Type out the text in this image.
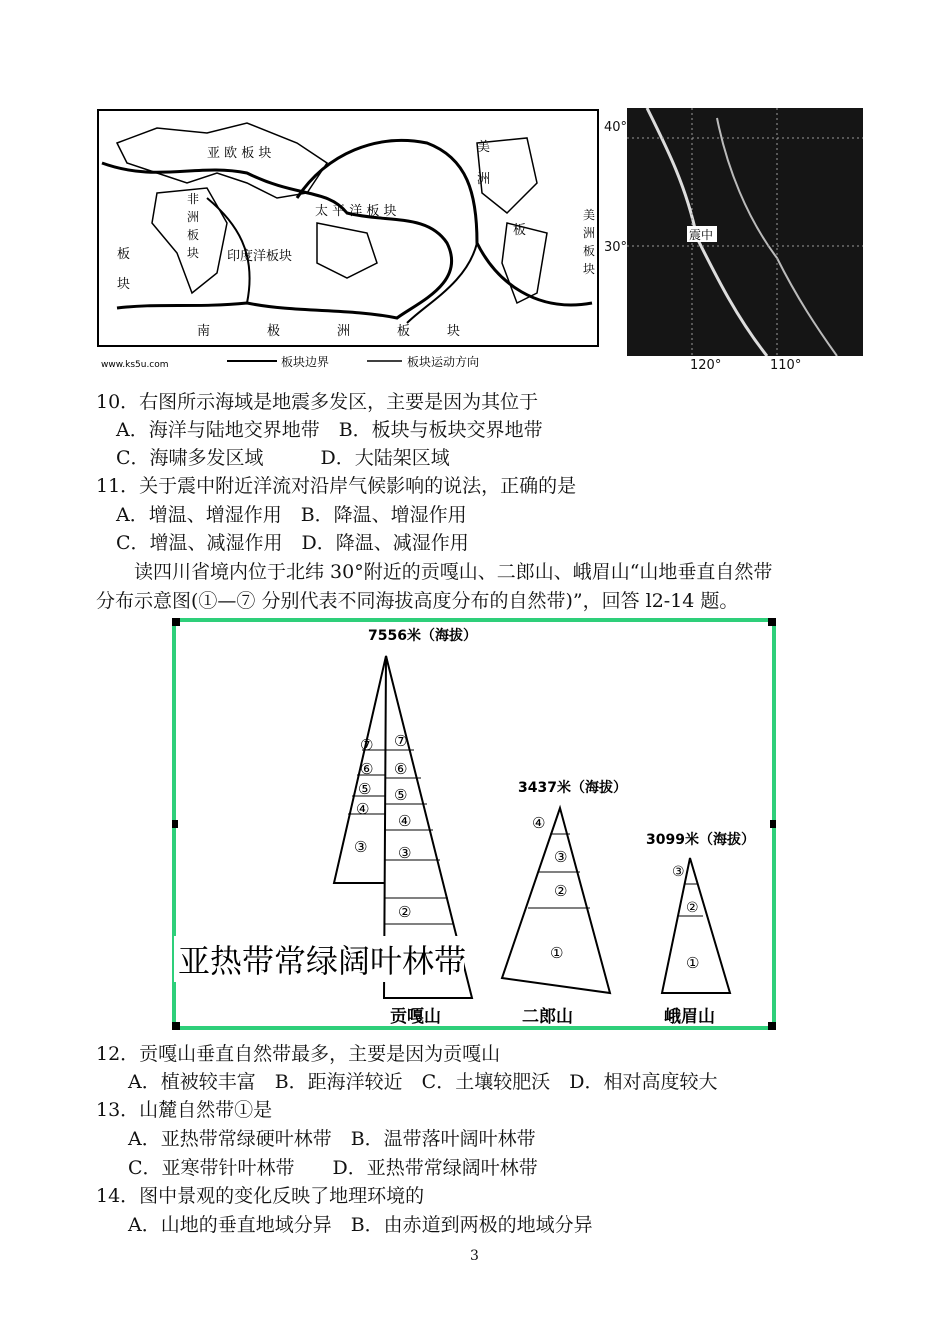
亚 欧 板 块	美
洲
非
洲
板
块
太 平 洋 板 块
印度洋板块
板
板
块
美
洲
板
块
南	极	洲	板	块
www.ks5u.com	板块边界	板块运动方向
震中
40°
30°
120°	110°
10．右图所示海域是地震多发区，主要是因为其位于
A．海洋与陆地交界地带　B．板块与板块交界地带
C．海啸多发区域　　　D．大陆架区域
11．关于震中附近洋流对沿岸气候影响的说法，正确的是
A．增温、增湿作用　B．降温、增湿作用
C．增温、减湿作用　D．降温、减湿作用
读四川省境内位于北纬 30°附近的贡嘎山、二郎山、峨眉山“山地垂直自然带
分布示意图(①—⑦ 分别代表不同海拔高度分布的自然带)”，回答 l2-14 题。
7556米（海拔）
⑦
⑥
⑤
④
③
⑦
⑥
⑤
④
③
②
亚热带常绿阔叶林带
贡嘎山
3437米（海拔）
④
③
②
①
二郎山
3099米（海拔）
③
②
①
峨眉山
12．贡嘎山垂直自然带最多，主要是因为贡嘎山
A．植被较丰富　B．距海洋较近　C．土壤较肥沃　D．相对高度较大
13．山麓自然带①是
A．亚热带常绿硬叶林带　B．温带落叶阔叶林带
C．亚寒带针叶林带　　D．亚热带常绿阔叶林带
14．图中景观的变化反映了地理环境的
A．山地的垂直地域分异　B．由赤道到两极的地域分异
3
